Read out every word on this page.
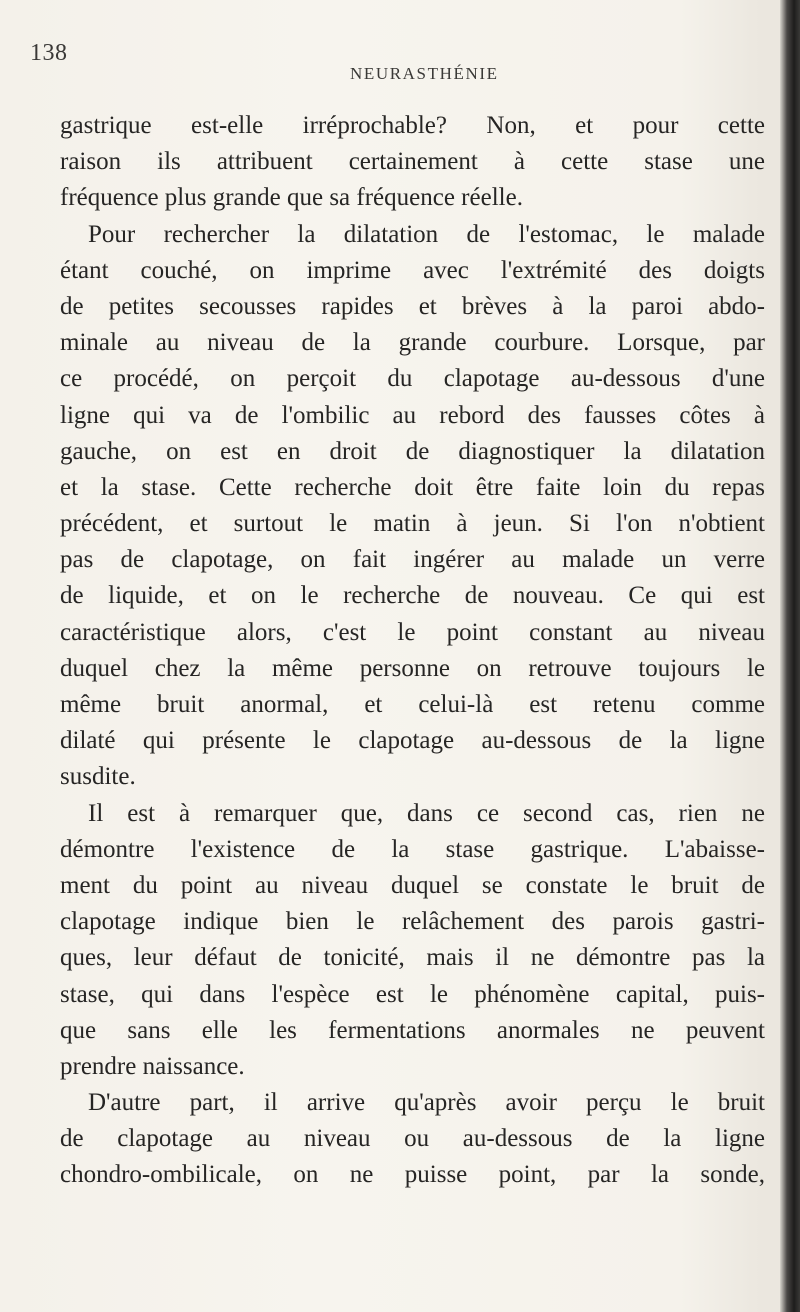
138
NEURASTHÉNIE
gastrique est-elle irréprochable? Non, et pour cette
raison ils attribuent certainement à cette stase une
fréquence plus grande que sa fréquence réelle.
Pour rechercher la dilatation de l'estomac, le malade
étant couché, on imprime avec l'extrémité des doigts
de petites secousses rapides et brèves à la paroi abdo-
minale au niveau de la grande courbure. Lorsque, par
ce procédé, on perçoit du clapotage au-dessous d'une
ligne qui va de l'ombilic au rebord des fausses côtes à
gauche, on est en droit de diagnostiquer la dilatation
et la stase. Cette recherche doit être faite loin du repas
précédent, et surtout le matin à jeun. Si l'on n'obtient
pas de clapotage, on fait ingérer au malade un verre
de liquide, et on le recherche de nouveau. Ce qui est
caractéristique alors, c'est le point constant au niveau
duquel chez la même personne on retrouve toujours le
même bruit anormal, et celui-là est retenu comme
dilaté qui présente le clapotage au-dessous de la ligne
susdite.
Il est à remarquer que, dans ce second cas, rien ne
démontre l'existence de la stase gastrique. L'abaisse-
ment du point au niveau duquel se constate le bruit de
clapotage indique bien le relâchement des parois gastri-
ques, leur défaut de tonicité, mais il ne démontre pas la
stase, qui dans l'espèce est le phénomène capital, puis-
que sans elle les fermentations anormales ne peuvent
prendre naissance.
D'autre part, il arrive qu'après avoir perçu le bruit
de clapotage au niveau ou au-dessous de la ligne
chondro-ombilicale, on ne puisse point, par la sonde,
